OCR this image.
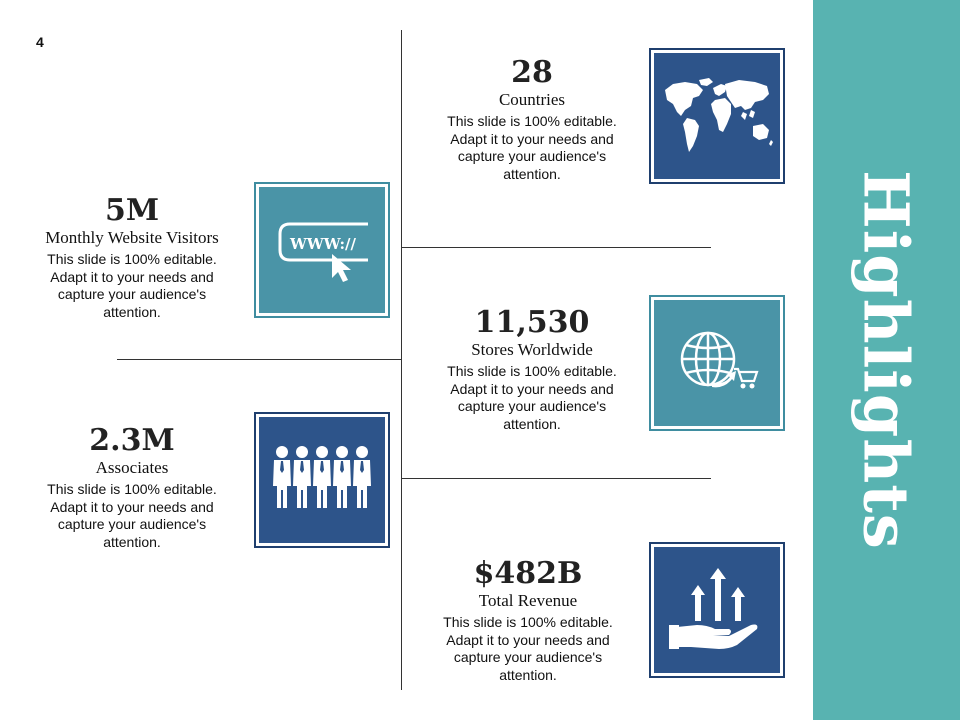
4
Highlights
28
Countries
This slide is 100% editable.
Adapt it to your needs and
capture your audience's
attention.
5M
Monthly Website Visitors
This slide is 100% editable.
Adapt it to your needs and
capture your audience's
attention.
WWW://
11,530
Stores Worldwide
This slide is 100% editable.
Adapt it to your needs and
capture your audience's
attention.
2.3M
Associates
This slide is 100% editable.
Adapt it to your needs and
capture your audience's
attention.
$482B
Total Revenue
This slide is 100% editable.
Adapt it to your needs and
capture your audience's
attention.
